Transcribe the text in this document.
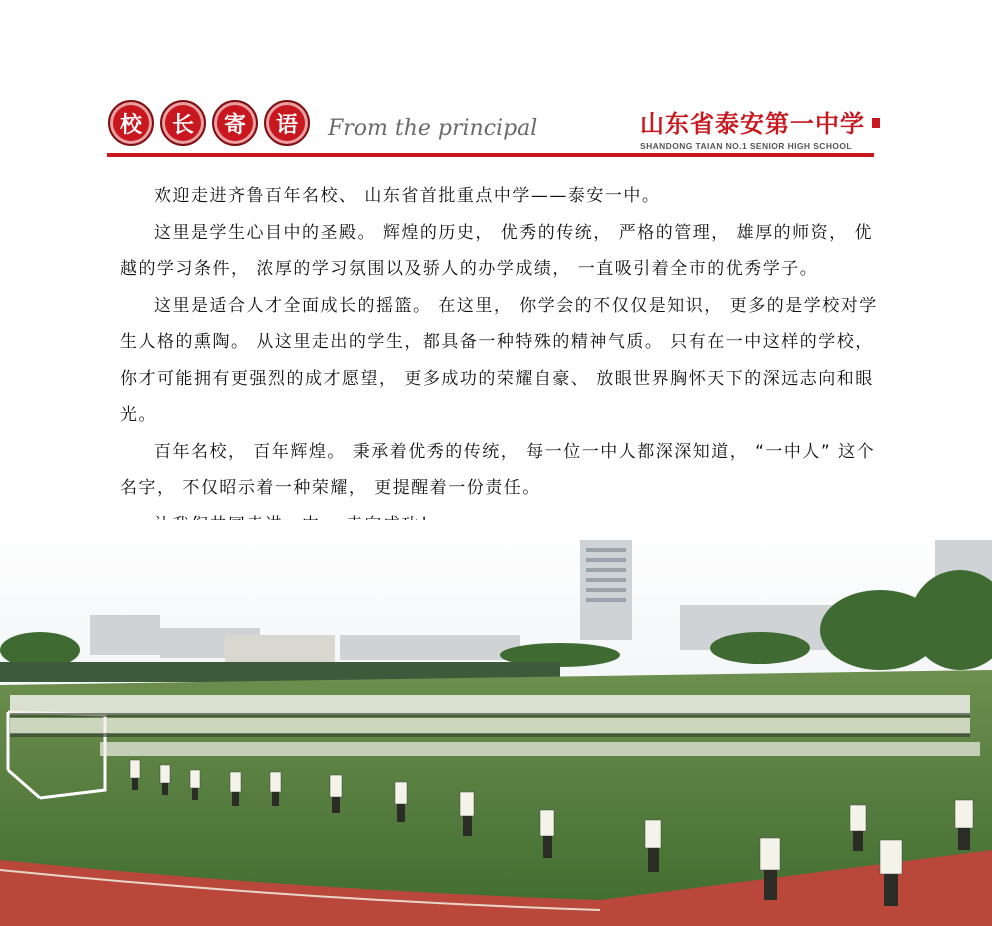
校	长	寄	语	From the principal	山东省泰安第一中学
SHANDONG TAIAN NO.1 SENIOR HIGH SCHOOL

欢迎走进齐鲁百年名校、 山东省首批重点中学——泰安一中。

这里是学生心目中的圣殿。 辉煌的历史， 优秀的传统， 严格的管理， 雄厚的师资， 优越的学习条件， 浓厚的学习氛围以及骄人的办学成绩， 一直吸引着全市的优秀学子。

这里是适合人才全面成长的摇篮。 在这里， 你学会的不仅仅是知识， 更多的是学校对学生人格的熏陶。 从这里走出的学生，都具备一种特殊的精神气质。 只有在一中这样的学校， 你才可能拥有更强烈的成才愿望， 更多成功的荣耀自豪、 放眼世界胸怀天下的深远志向和眼光。

百年名校， 百年辉煌。 秉承着优秀的传统， 每一位一中人都深深知道， “一中人” 这个名字， 不仅昭示着一种荣耀， 更提醒着一份责任。
